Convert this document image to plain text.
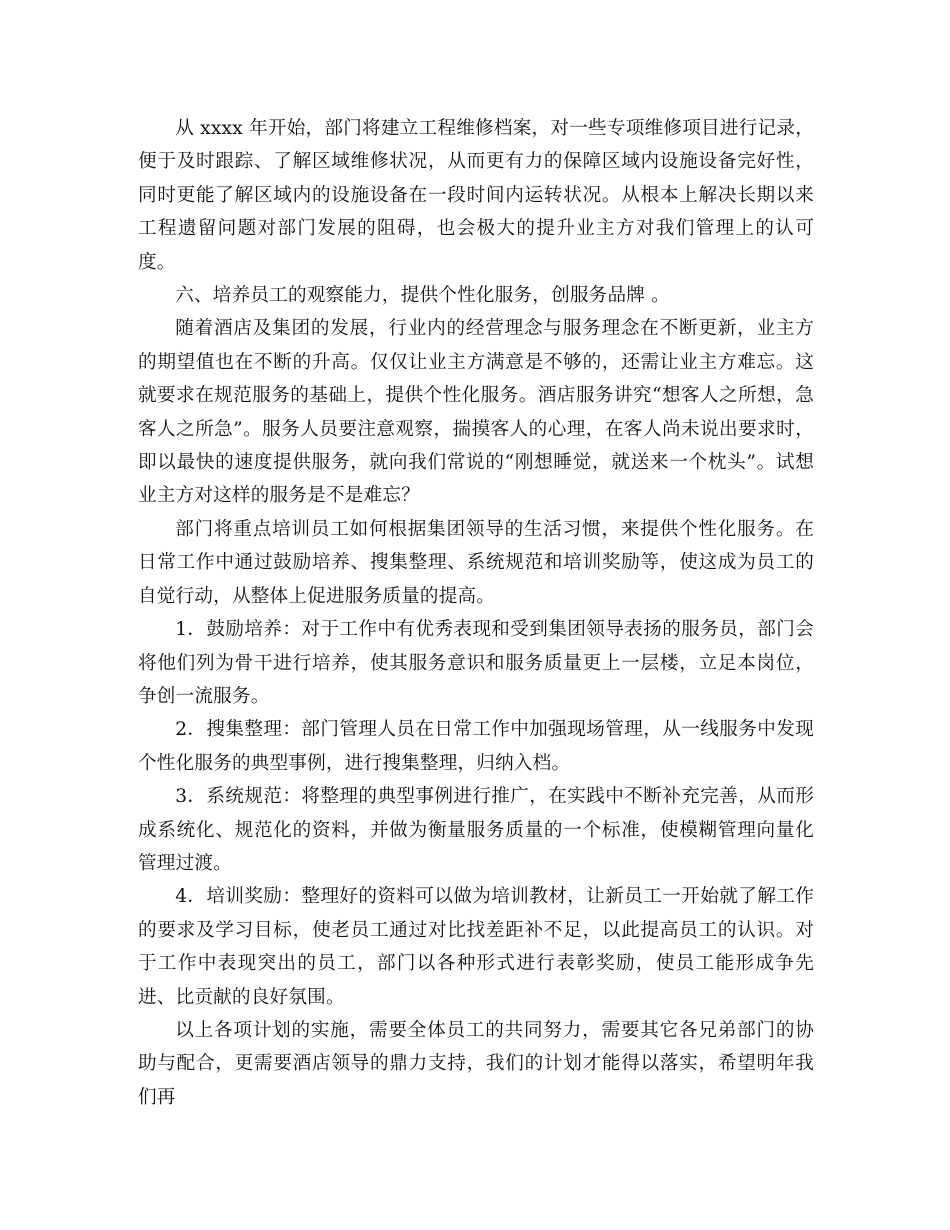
从 xxxx 年开始，部门将建立工程维修档案，对一些专项维修项目进行记录，便于及时跟踪、了解区域维修状况，从而更有力的保障区域内设施设备完好性，同时更能了解区域内的设施设备在一段时间内运转状况。从根本上解决长期以来工程遗留问题对部门发展的阻碍，也会极大的提升业主方对我们管理上的认可度。

六、培养员工的观察能力，提供个性化服务，创服务品牌 。

随着酒店及集团的发展，行业内的经营理念与服务理念在不断更新，业主方的期望值也在不断的升高。仅仅让业主方满意是不够的，还需让业主方难忘。这就要求在规范服务的基础上，提供个性化服务。酒店服务讲究“想客人之所想，急客人之所急”。服务人员要注意观察，揣摸客人的心理，在客人尚未说出要求时，即以最快的速度提供服务，就向我们常说的“刚想睡觉，就送来一个枕头”。试想业主方对这样的服务是不是难忘？

部门将重点培训员工如何根据集团领导的生活习惯，来提供个性化服务。在日常工作中通过鼓励培养、搜集整理、系统规范和培训奖励等，使这成为员工的自觉行动，从整体上促进服务质量的提高。

1．鼓励培养：对于工作中有优秀表现和受到集团领导表扬的服务员，部门会将他们列为骨干进行培养，使其服务意识和服务质量更上一层楼，立足本岗位，争创一流服务。

2．搜集整理：部门管理人员在日常工作中加强现场管理，从一线服务中发现个性化服务的典型事例，进行搜集整理，归纳入档。

3．系统规范：将整理的典型事例进行推广，在实践中不断补充完善，从而形成系统化、规范化的资料，并做为衡量服务质量的一个标准，使模糊管理向量化管理过渡。

4．培训奖励：整理好的资料可以做为培训教材，让新员工一开始就了解工作的要求及学习目标，使老员工通过对比找差距补不足，以此提高员工的认识。对于工作中表现突出的员工，部门以各种形式进行表彰奖励，使员工能形成争先进、比贡献的良好氛围。

以上各项计划的实施，需要全体员工的共同努力，需要其它各兄弟部门的协助与配合，更需要酒店领导的鼎力支持，我们的计划才能得以落实，希望明年我们再
